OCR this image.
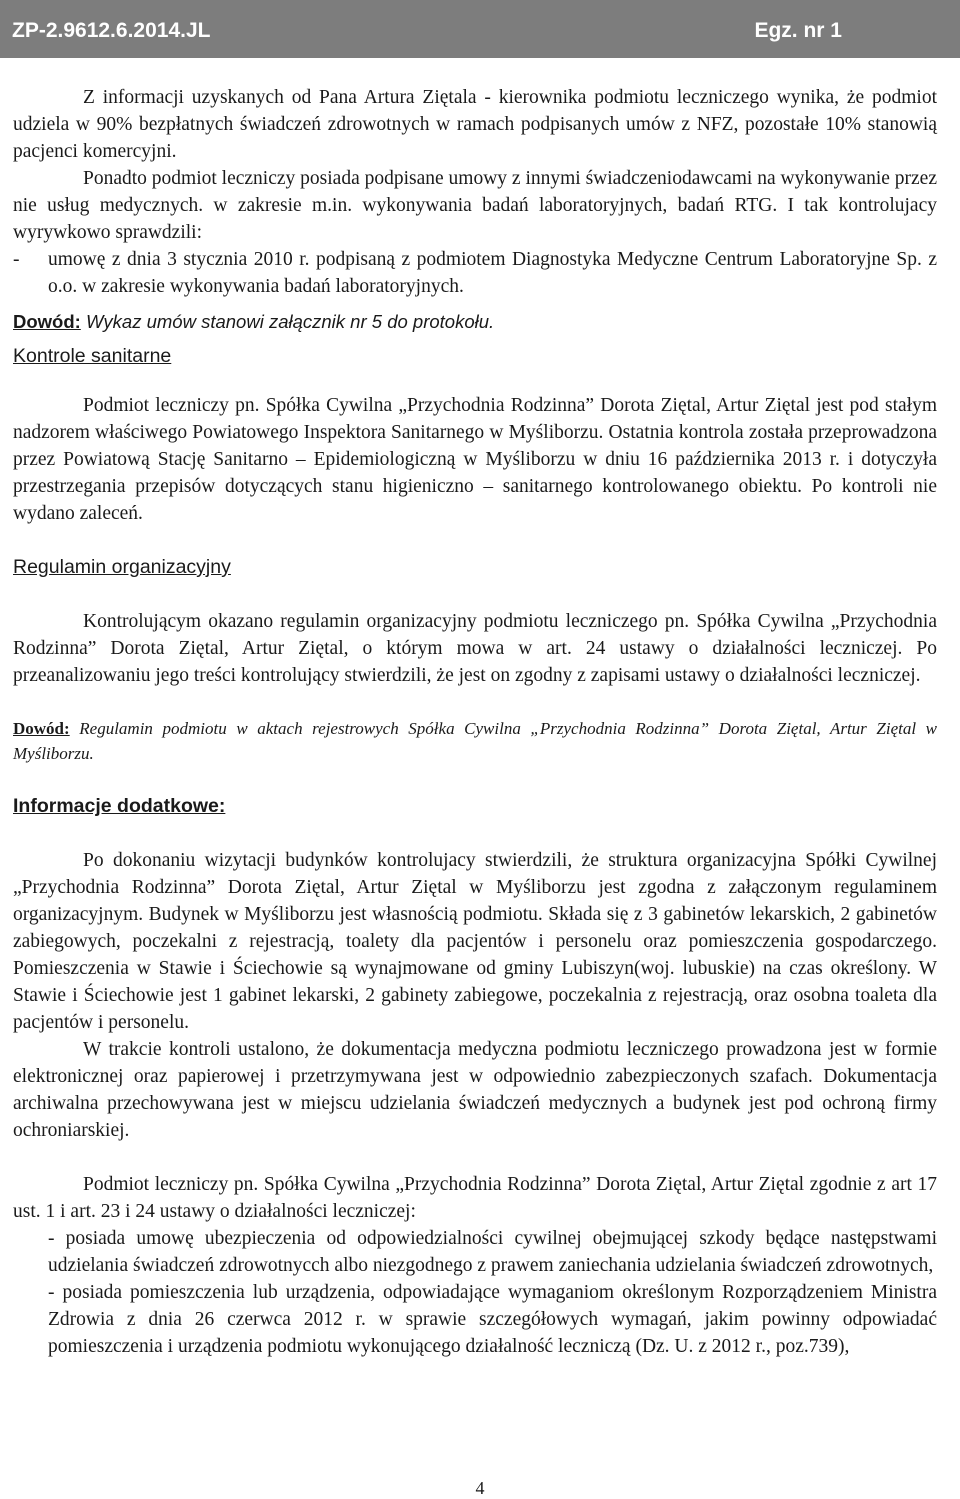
ZP-2.9612.6.2014.JL	Egz. nr 1

Z informacji uzyskanych od Pana Artura Ziętala - kierownika podmiotu leczniczego wynika, że podmiot udziela w 90% bezpłatnych świadczeń zdrowotnych w ramach podpisanych umów z NFZ, pozostałe 10% stanowią pacjenci komercyjni.

Ponadto podmiot leczniczy posiada podpisane umowy z innymi świadczeniodawcami na wykonywanie przez nie usług medycznych. w zakresie m.in. wykonywania badań laboratoryjnych, badań RTG. I tak kontrolujacy wyrywkowo sprawdzili:

- umowę z dnia 3 stycznia 2010 r. podpisaną z podmiotem Diagnostyka Medyczne Centrum Laboratoryjne Sp. z o.o. w zakresie wykonywania badań laboratoryjnych.

Dowód: Wykaz umów stanowi załącznik nr 5 do protokołu.

Kontrole sanitarne

Podmiot leczniczy pn. Spółka Cywilna „Przychodnia Rodzinna” Dorota Ziętal, Artur Ziętal jest pod stałym nadzorem właściwego Powiatowego Inspektora Sanitarnego w Myśliborzu. Ostatnia kontrola została przeprowadzona przez Powiatową Stację Sanitarno – Epidemiologiczną w Myśliborzu w dniu 16 października 2013 r. i dotyczyła przestrzegania przepisów dotyczących stanu higieniczno – sanitarnego kontrolowanego obiektu. Po kontroli nie wydano zaleceń.

Regulamin organizacyjny

Kontrolującym okazano regulamin organizacyjny podmiotu leczniczego pn. Spółka Cywilna „Przychodnia Rodzinna” Dorota Ziętal, Artur Ziętal, o którym mowa w art. 24 ustawy o działalności leczniczej. Po przeanalizowaniu jego treści kontrolujący stwierdzili, że jest on zgodny z zapisami ustawy o działalności leczniczej.

Dowód: Regulamin podmiotu w aktach rejestrowych Spółka Cywilna „Przychodnia Rodzinna” Dorota Ziętal, Artur Ziętal w Myśliborzu.

Informacje dodatkowe:

Po dokonaniu wizytacji budynków kontrolujacy stwierdzili, że struktura organizacyjna Spółki Cywilnej „Przychodnia Rodzinna” Dorota Ziętal, Artur Ziętal w Myśliborzu jest zgodna z załączonym regulaminem organizacyjnym. Budynek w Myśliborzu jest własnością podmiotu. Składa się z 3 gabinetów lekarskich, 2 gabinetów zabiegowych, poczekalni z rejestracją, toalety dla pacjentów i personelu oraz pomieszczenia gospodarczego. Pomieszczenia w Stawie i Ściechowie są wynajmowane od gminy Lubiszyn(woj. lubuskie) na czas określony. W Stawie i Ściechowie jest 1 gabinet lekarski, 2 gabinety zabiegowe, poczekalnia z rejestracją, oraz osobna toaleta dla pacjentów i personelu.

W trakcie kontroli ustalono, że dokumentacja medyczna podmiotu leczniczego prowadzona jest w formie elektronicznej oraz papierowej i przetrzymywana jest w odpowiednio zabezpieczonych szafach. Dokumentacja archiwalna przechowywana jest w miejscu udzielania świadczeń medycznych a budynek jest pod ochroną firmy ochroniarskiej.

Podmiot leczniczy pn. Spółka Cywilna „Przychodnia Rodzinna” Dorota Ziętal, Artur Ziętal zgodnie z art 17 ust. 1 i art. 23 i 24 ustawy o działalności leczniczej:

- posiada umowę ubezpieczenia od odpowiedzialności cywilnej obejmującej szkody będące następstwami udzielania świadczeń zdrowotnycch albo niezgodnego z prawem zaniechania udzielania świadczeń zdrowotnych,

- posiada pomieszczenia lub urządzenia, odpowiadające wymaganiom określonym Rozporządzeniem Ministra Zdrowia z dnia 26 czerwca 2012 r. w sprawie szczegółowych wymagań, jakim powinny odpowiadać pomieszczenia i urządzenia podmiotu wykonującego działalność leczniczą (Dz. U. z 2012 r., poz.739),

4
